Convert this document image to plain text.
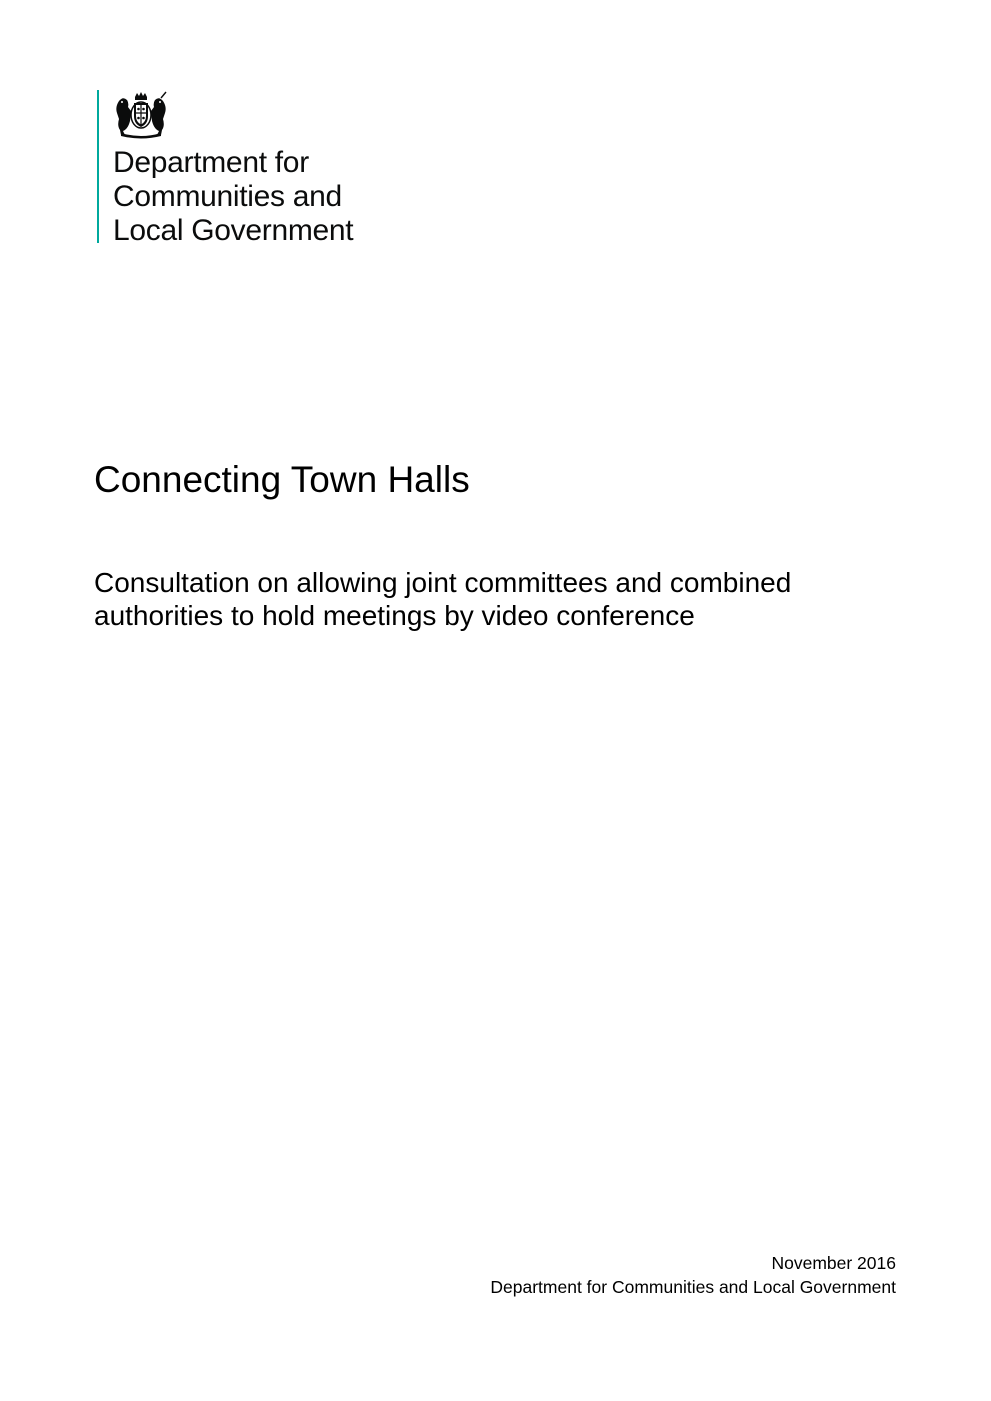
Department for
Communities and
Local Government
Connecting Town Halls

Consultation on allowing joint committees and combined authorities to hold meetings by video conference

November 2016
Department for Communities and Local Government
